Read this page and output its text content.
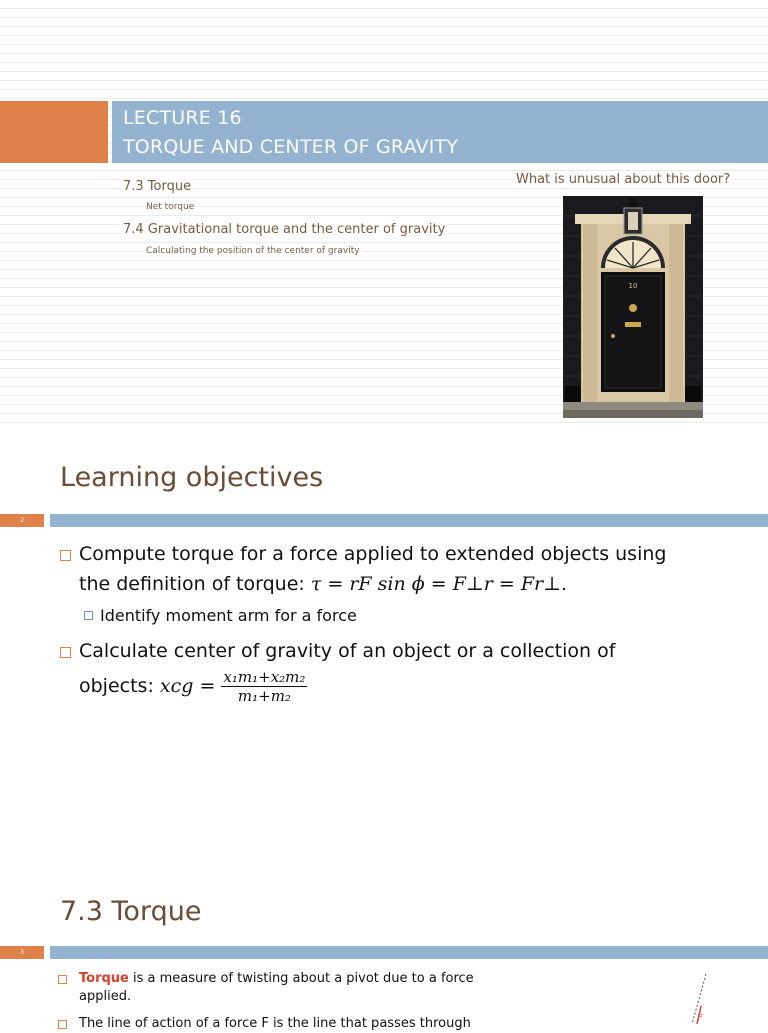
LECTURE 16
TORQUE AND CENTER OF GRAVITY
7.3 Torque
Net torque
7.4 Gravitational torque and the center of gravity
Calculating the position of the center of gravity
What is unusual about this door?
10
Learning objectives
2
Compute torque for a force applied to extended objects using
the definition of torque: τ = rF sin ϕ = F⊥r = Fr⊥.
Identify moment arm for a force
Calculate center of gravity of an object or a collection of
objects: xcg = $\frac{\text{x₁m₁+x₂m₂}}{\text{m₁+m₂}}$
7.3 Torque
3
Torque is a measure of twisting about a pivot due to a force
applied.
The line of action of a force F is the line that passes through	F
